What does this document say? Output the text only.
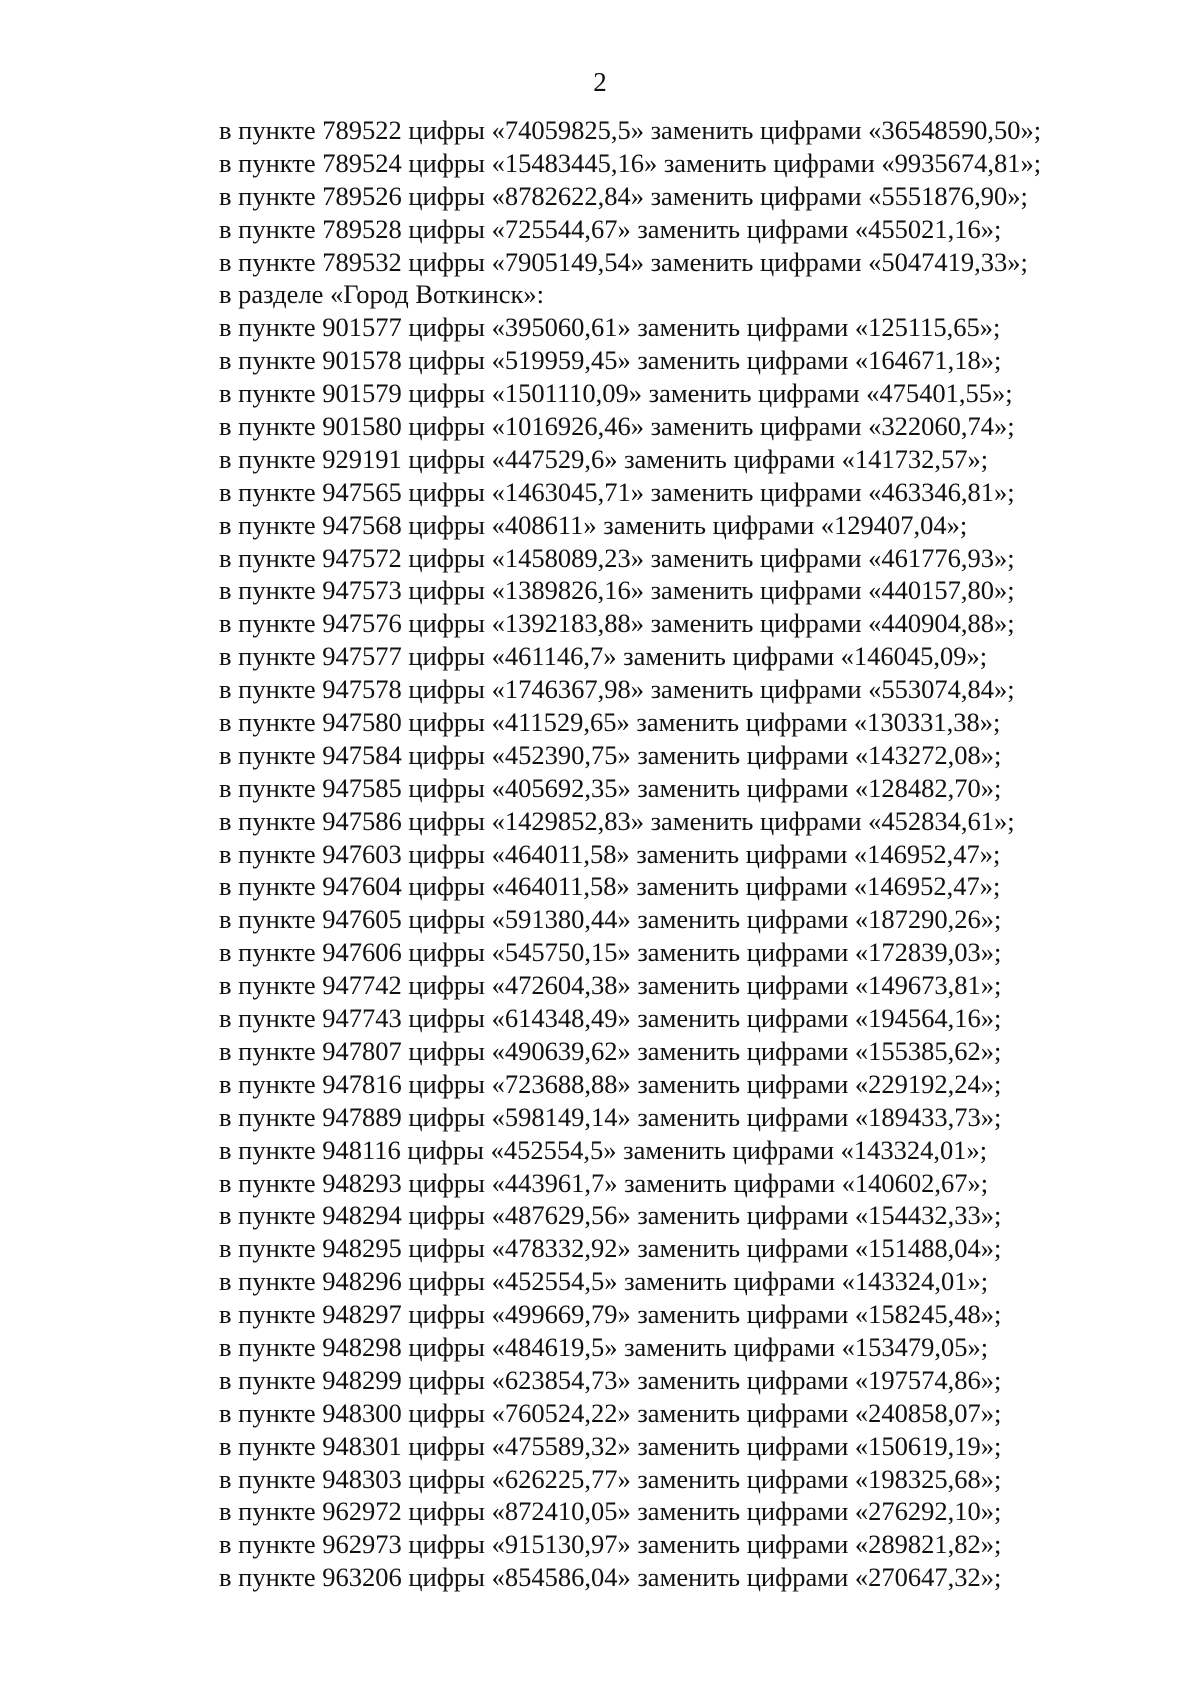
2
в пункте 789522 цифры «74059825,5» заменить цифрами «36548590,50»;
в пункте 789524 цифры «15483445,16» заменить цифрами «9935674,81»;
в пункте 789526 цифры «8782622,84» заменить цифрами «5551876,90»;
в пункте 789528 цифры «725544,67» заменить цифрами «455021,16»;
в пункте 789532 цифры «7905149,54» заменить цифрами «5047419,33»;
в разделе «Город Воткинск»:
в пункте 901577 цифры «395060,61» заменить цифрами «125115,65»;
в пункте 901578 цифры «519959,45» заменить цифрами «164671,18»;
в пункте 901579 цифры «1501110,09» заменить цифрами «475401,55»;
в пункте 901580 цифры «1016926,46» заменить цифрами «322060,74»;
в пункте 929191 цифры «447529,6» заменить цифрами «141732,57»;
в пункте 947565 цифры «1463045,71» заменить цифрами «463346,81»;
в пункте 947568 цифры «408611» заменить цифрами «129407,04»;
в пункте 947572 цифры «1458089,23» заменить цифрами «461776,93»;
в пункте 947573 цифры «1389826,16» заменить цифрами «440157,80»;
в пункте 947576 цифры «1392183,88» заменить цифрами «440904,88»;
в пункте 947577 цифры «461146,7» заменить цифрами «146045,09»;
в пункте 947578 цифры «1746367,98» заменить цифрами «553074,84»;
в пункте 947580 цифры «411529,65» заменить цифрами «130331,38»;
в пункте 947584 цифры «452390,75» заменить цифрами «143272,08»;
в пункте 947585 цифры «405692,35» заменить цифрами «128482,70»;
в пункте 947586 цифры «1429852,83» заменить цифрами «452834,61»;
в пункте 947603 цифры «464011,58» заменить цифрами «146952,47»;
в пункте 947604 цифры «464011,58» заменить цифрами «146952,47»;
в пункте 947605 цифры «591380,44» заменить цифрами «187290,26»;
в пункте 947606 цифры «545750,15» заменить цифрами «172839,03»;
в пункте 947742 цифры «472604,38» заменить цифрами «149673,81»;
в пункте 947743 цифры «614348,49» заменить цифрами «194564,16»;
в пункте 947807 цифры «490639,62» заменить цифрами «155385,62»;
в пункте 947816 цифры «723688,88» заменить цифрами «229192,24»;
в пункте 947889 цифры «598149,14» заменить цифрами «189433,73»;
в пункте 948116 цифры «452554,5» заменить цифрами «143324,01»;
в пункте 948293 цифры «443961,7» заменить цифрами «140602,67»;
в пункте 948294 цифры «487629,56» заменить цифрами «154432,33»;
в пункте 948295 цифры «478332,92» заменить цифрами «151488,04»;
в пункте 948296 цифры «452554,5» заменить цифрами «143324,01»;
в пункте 948297 цифры «499669,79» заменить цифрами «158245,48»;
в пункте 948298 цифры «484619,5» заменить цифрами «153479,05»;
в пункте 948299 цифры «623854,73» заменить цифрами «197574,86»;
в пункте 948300 цифры «760524,22» заменить цифрами «240858,07»;
в пункте 948301 цифры «475589,32» заменить цифрами «150619,19»;
в пункте 948303 цифры «626225,77» заменить цифрами «198325,68»;
в пункте 962972 цифры «872410,05» заменить цифрами «276292,10»;
в пункте 962973 цифры «915130,97» заменить цифрами «289821,82»;
в пункте 963206 цифры «854586,04» заменить цифрами «270647,32»;
